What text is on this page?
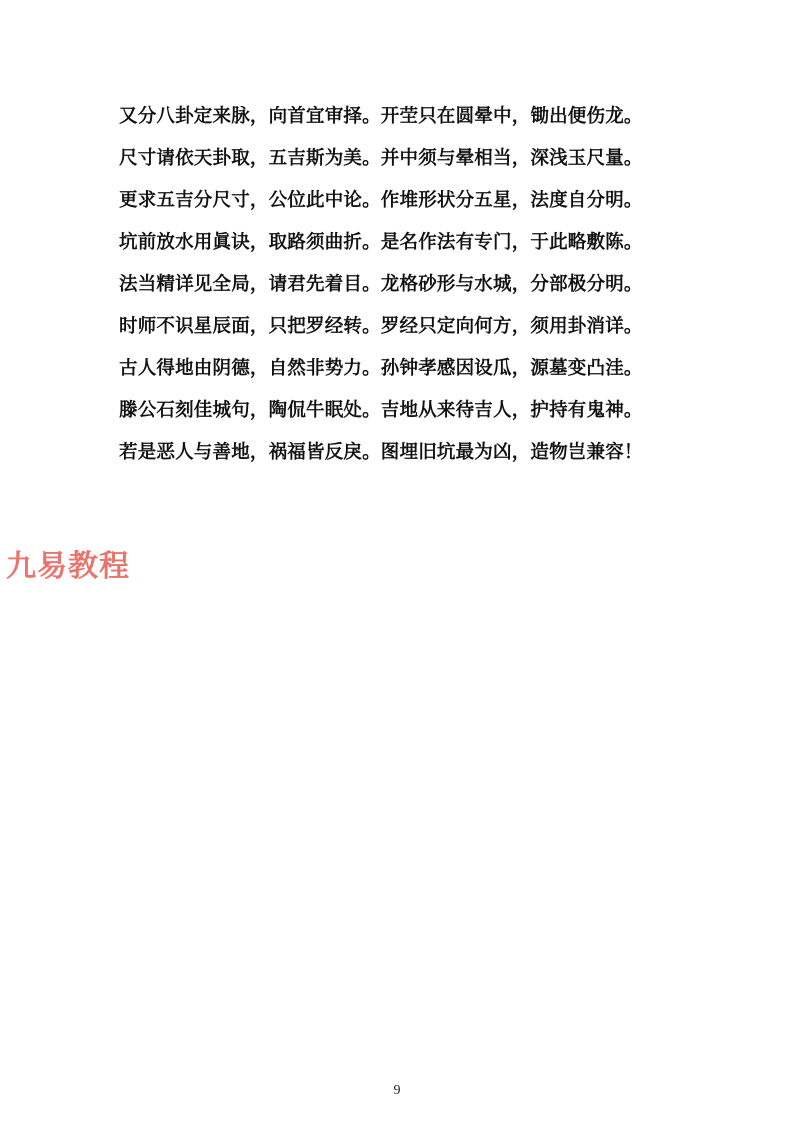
又分八卦定来脉，向首宜审择。开茔只在圆晕中，锄出便伤龙。
尺寸请依天卦取，五吉斯为美。并中须与晕相当，深浅玉尺量。
更求五吉分尺寸，公位此中论。作堆形状分五星，法度自分明。
坑前放水用眞诀，取路须曲折。是名作法有专门，于此略敷陈。
法当精详见全局，请君先着目。龙格砂形与水城，分部极分明。
时师不识星辰面，只把罗经转。罗经只定向何方，须用卦消详。
古人得地由阴德，自然非势力。孙钟孝感因设瓜，源墓变凸洼。
滕公石刻佳城句，陶侃牛眠处。吉地从来待吉人，护持有鬼神。
若是恶人与善地，祸福皆反戾。图埋旧坑最为凶，造物岂兼容！
九易教程
9
